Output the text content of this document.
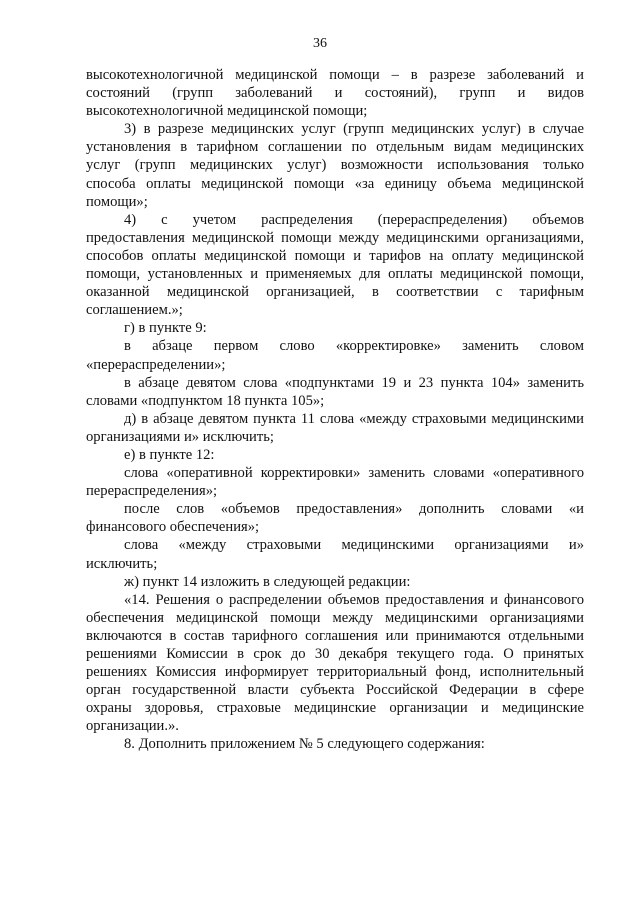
36
высокотехнологичной медицинской помощи – в разрезе заболеваний и
состояний (групп заболеваний и состояний), групп и видов
высокотехнологичной медицинской помощи;
3) в разрезе медицинских услуг (групп медицинских услуг) в случае
установления в тарифном соглашении по отдельным видам медицинских
услуг (групп медицинских услуг) возможности использования только
способа оплаты медицинской помощи «за единицу объема медицинской
помощи»;
4) с учетом распределения (перераспределения) объемов
предоставления медицинской помощи между медицинскими организациями,
способов оплаты медицинской помощи и тарифов на оплату медицинской
помощи, установленных и применяемых для оплаты медицинской помощи,
оказанной медицинской организацией, в соответствии с тарифным
соглашением.»;
г) в пункте 9:
в абзаце первом слово «корректировке» заменить словом
«перераспределении»;
в абзаце девятом слова «подпунктами 19 и 23 пункта 104» заменить
словами «подпунктом 18 пункта 105»;
д) в абзаце девятом пункта 11 слова «между страховыми медицинскими
организациями и» исключить;
е) в пункте 12:
слова «оперативной корректировки» заменить словами «оперативного
перераспределения»;
после слов «объемов предоставления» дополнить словами «и
финансового обеспечения»;
слова «между страховыми медицинскими организациями и»
исключить;
ж) пункт 14 изложить в следующей редакции:
«14. Решения о распределении объемов предоставления и финансового
обеспечения медицинской помощи между медицинскими организациями
включаются в состав тарифного соглашения или принимаются отдельными
решениями Комиссии в срок до 30 декабря текущего года. О принятых
решениях Комиссия информирует территориальный фонд, исполнительный
орган государственной власти субъекта Российской Федерации в сфере
охраны здоровья, страховые медицинские организации и медицинские
организации.».
8. Дополнить приложением № 5 следующего содержания:
